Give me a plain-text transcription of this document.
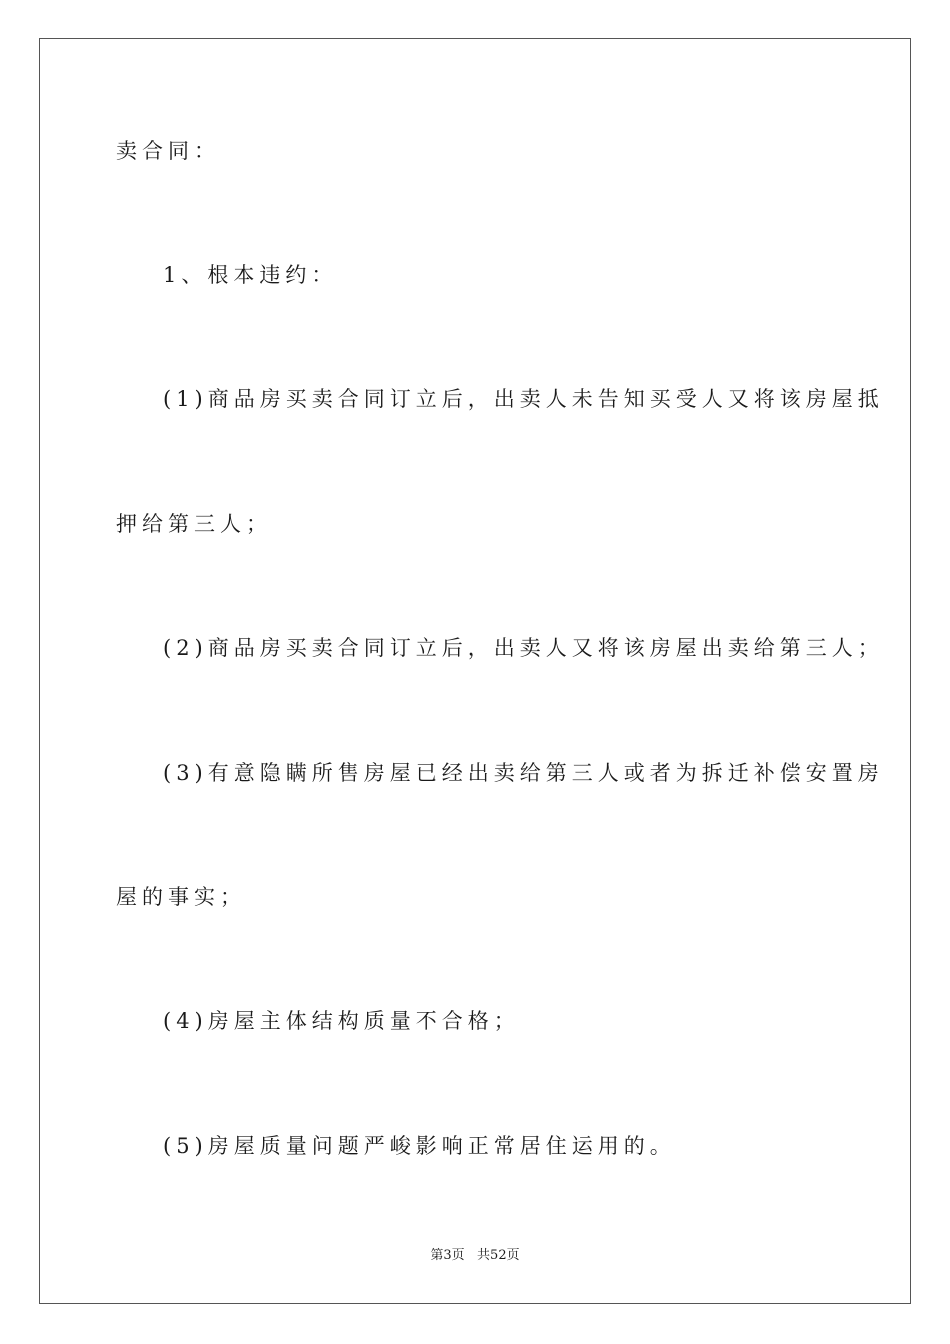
卖合同：
1、根本违约：
(1)商品房买卖合同订立后，出卖人未告知买受人又将该房屋抵
押给第三人；
(2)商品房买卖合同订立后，出卖人又将该房屋出卖给第三人；
(3)有意隐瞒所售房屋已经出卖给第三人或者为拆迁补偿安置房
屋的事实；
(4)房屋主体结构质量不合格；
(5)房屋质量问题严峻影响正常居住运用的。
第3页   共52页
